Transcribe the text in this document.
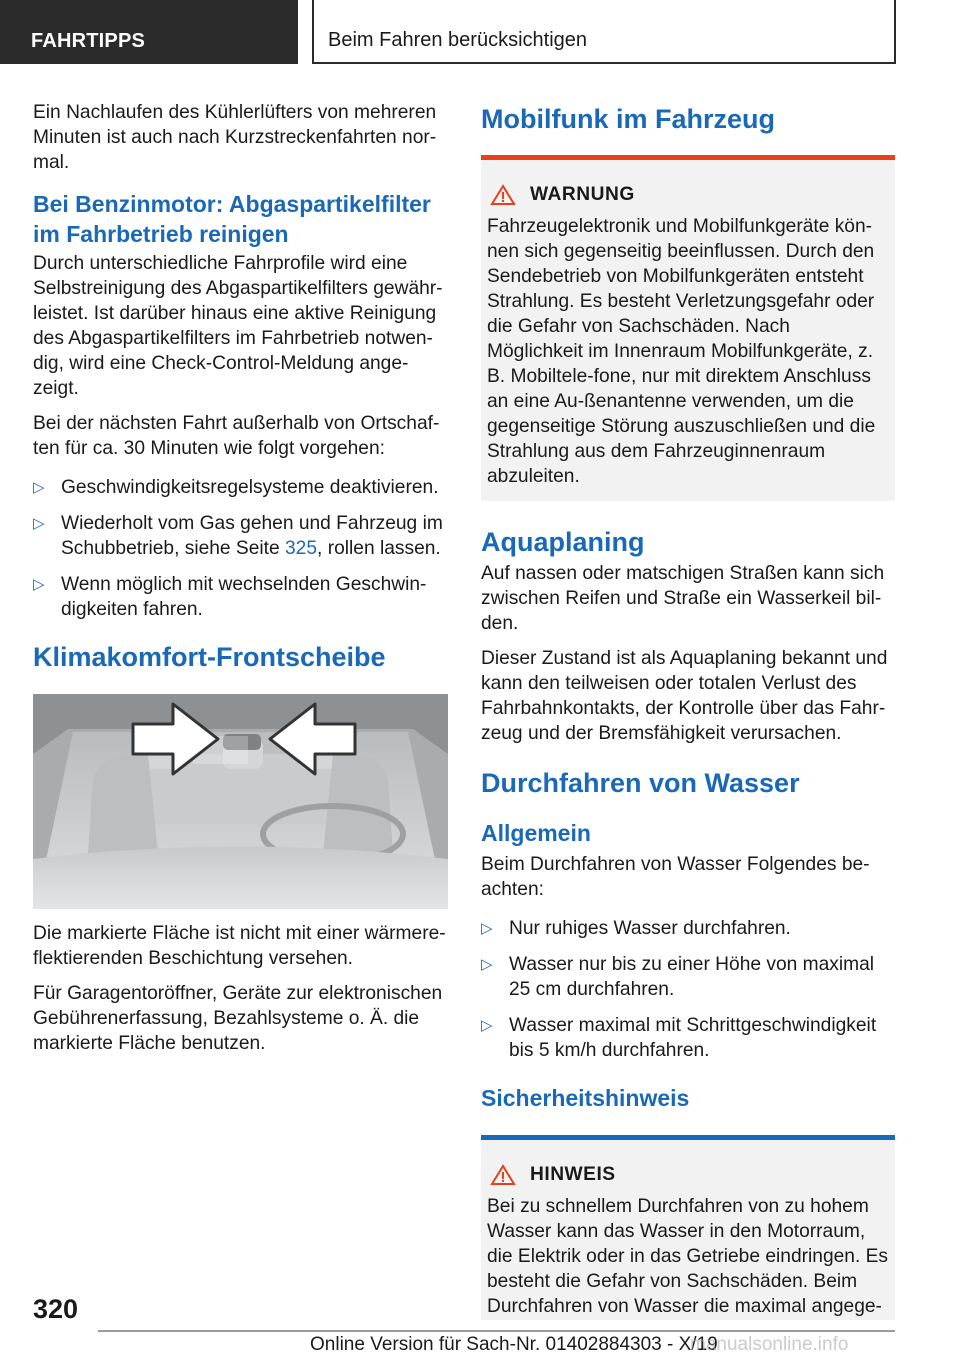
FAHRTIPPS	Beim Fahren berücksichtigen

Ein Nachlaufen des Kühlerlüfters von mehreren Minuten ist auch nach Kurzstreckenfahrten nor-mal.

Bei Benzinmotor: Abgaspartikelfilter im Fahrbetrieb reinigen

Durch unterschiedliche Fahrprofile wird eine Selbstreinigung des Abgaspartikelfilters gewähr-leistet. Ist darüber hinaus eine aktive Reinigung des Abgaspartikelfilters im Fahrbetrieb notwen-dig, wird eine Check-Control-Meldung ange-zeigt.

Bei der nächsten Fahrt außerhalb von Ortschaf-ten für ca. 30 Minuten wie folgt vorgehen:

▷ Geschwindigkeitsregelsysteme deaktivieren.
▷ Wiederholt vom Gas gehen und Fahrzeug im Schubbetrieb, siehe Seite 325, rollen lassen.
▷ Wenn möglich mit wechselnden Geschwin-digkeiten fahren.
Klimakomfort-Frontscheibe

Die markierte Fläche ist nicht mit einer wärmere-flektierenden Beschichtung versehen.

Für Garagentoröffner, Geräte zur elektronischen Gebührenerfassung, Bezahlsysteme o. Ä. die markierte Fläche benutzen.

Mobilfunk im Fahrzeug
WARNUNG
Fahrzeugelektronik und Mobilfunkgeräte kön-nen sich gegenseitig beeinflussen. Durch den Sendebetrieb von Mobilfunkgeräten entsteht Strahlung. Es besteht Verletzungsgefahr oder die Gefahr von Sachschäden. Nach Möglichkeit im Innenraum Mobilfunkgeräte, z. B. Mobiltele-fone, nur mit direktem Anschluss an eine Au-ßenantenne verwenden, um die gegenseitige Störung auszuschließen und die Strahlung aus dem Fahrzeuginnenraum abzuleiten.
Aquaplaning

Auf nassen oder matschigen Straßen kann sich zwischen Reifen und Straße ein Wasserkeil bil-den.

Dieser Zustand ist als Aquaplaning bekannt und kann den teilweisen oder totalen Verlust des Fahrbahnkontakts, der Kontrolle über das Fahr-zeug und der Bremsfähigkeit verursachen.

Durchfahren von Wasser
Allgemein

Beim Durchfahren von Wasser Folgendes be-achten:

▷ Nur ruhiges Wasser durchfahren.
▷ Wasser nur bis zu einer Höhe von maximal 25 cm durchfahren.
▷ Wasser maximal mit Schrittgeschwindigkeit bis 5 km/h durchfahren.
Sicherheitshinweis
HINWEIS
Bei zu schnellem Durchfahren von zu hohem Wasser kann das Wasser in den Motorraum, die Elektrik oder in das Getriebe eindringen. Es besteht die Gefahr von Sachschäden. Beim Durchfahren von Wasser die maximal angege-
320
Online Version für Sach-Nr. 01402884303 - X/19
manualsonline.info
